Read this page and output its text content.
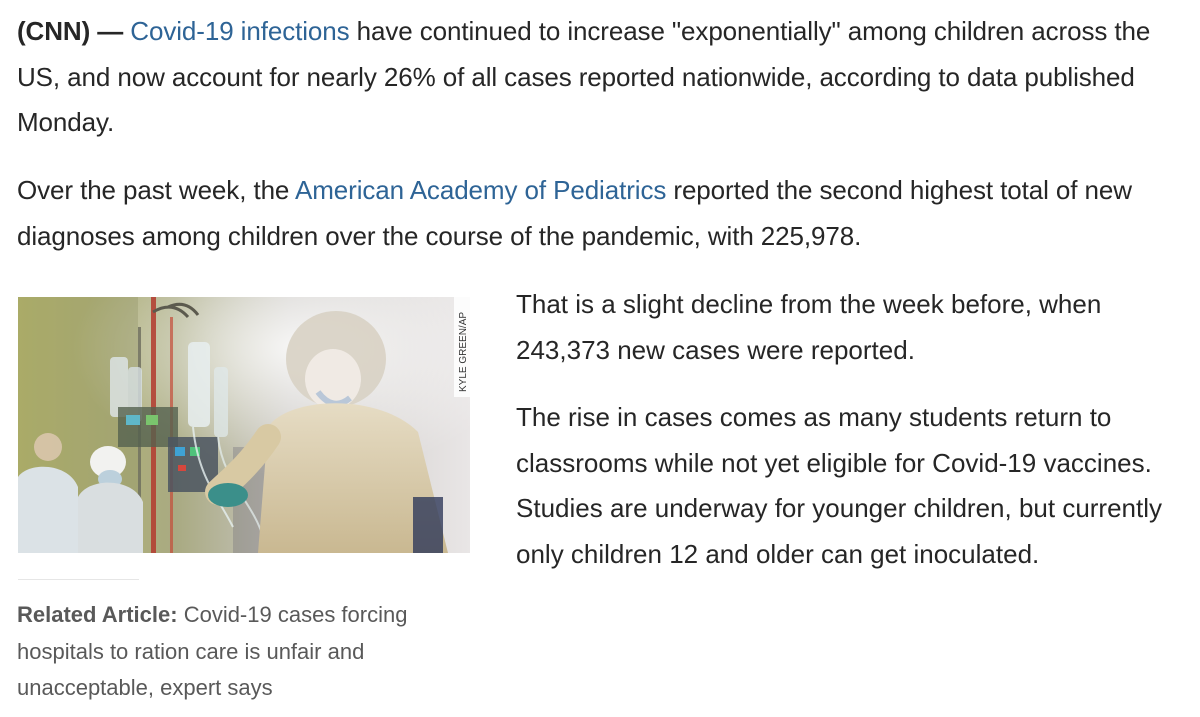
(CNN) — Covid-19 infections have continued to increase "exponentially" among children across the US, and now account for nearly 26% of all cases reported nationwide, according to data published Monday.

Over the past week, the American Academy of Pediatrics reported the second highest total of new diagnoses among children over the course of the pandemic, with 225,978.

KYLE GREEN/AP

Related Article: Covid-19 cases forcing hospitals to ration care is unfair and unacceptable, expert says

That is a slight decline from the week before, when 243,373 new cases were reported.

The rise in cases comes as many students return to classrooms while not yet eligible for Covid-19 vaccines. Studies are underway for younger children, but currently only children 12 and older can get inoculated.
